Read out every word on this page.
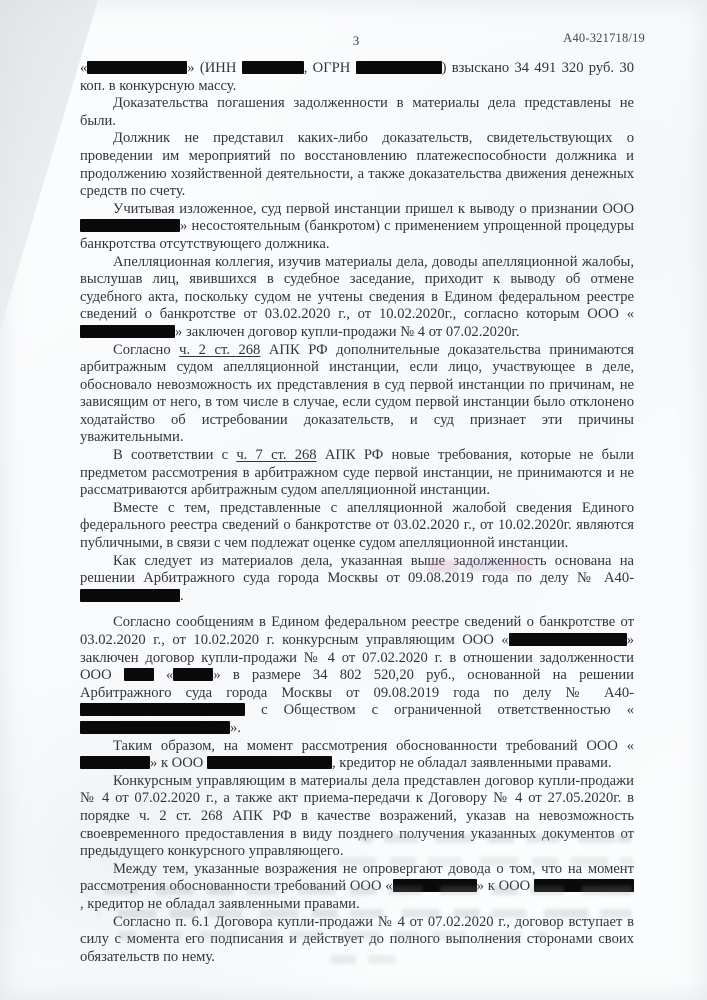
3	А40-321718/19

«	» (ИНН	, ОГРН	) взыскано 34 491 320 руб. 30 коп. в конкурсную массу.

Доказательства погашения задолженности в материалы дела представлены не были.

Должник не представил каких-либо доказательств, свидетельствующих о проведении им мероприятий по восстановлению платежеспособности должника и продолжению хозяйственной деятельности, а также доказательства движения денежных средств по счету.

Учитывая изложенное, суд первой инстанции пришел к выводу о признании ООО » несостоятельным (банкротом) с применением упрощенной процедуры банкротства отсутствующего должника.

Апелляционная коллегия, изучив материалы дела, доводы апелляционной жалобы, выслушав лиц, явившихся в судебное заседание, приходит к выводу об отмене судебного акта, поскольку судом не учтены сведения в Едином федеральном реестре сведений о банкротстве от 03.02.2020 г., от 10.02.2020г., согласно которым ООО «» заключен договор купли-продажи № 4 от 07.02.2020г.

Согласно ч. 2 ст. 268 АПК РФ дополнительные доказательства принимаются арбитражным судом апелляционной инстанции, если лицо, участвующее в деле, обосновало невозможность их представления в суд первой инстанции по причинам, не зависящим от него, в том числе в случае, если судом первой инстанции было отклонено ходатайство об истребовании доказательств, и суд признает эти причины уважительными.

В соответствии с ч. 7 ст. 268 АПК РФ новые требования, которые не были предметом рассмотрения в арбитражном суде первой инстанции, не принимаются и не рассматриваются арбитражным судом апелляционной инстанции.

Вместе с тем, представленные с апелляционной жалобой сведения Единого федерального реестра сведений о банкротстве от 03.02.2020 г., от 10.02.2020г. являются публичными, в связи с чем подлежат оценке судом апелляционной инстанции.

Как следует из материалов дела, указанная выше задолженность основана на решении Арбитражного суда города Москвы от 09.08.2019 года по делу № А40-.

Согласно сообщениям в Едином федеральном реестре сведений о банкротстве от 03.02.2020 г., от 10.02.2020 г. конкурсным управляющим ООО «	» заключен договор купли-продажи № 4 от 07.02.2020 г. в отношении задолженности ООО  «	» в размере 34 802 520,20 руб., основанной на решении Арбитражного суда города Москвы от 09.08.2019 года по делу № А40- с Обществом с ограниченной ответственностью «».

Таким образом, на момент рассмотрения обоснованности требований ООО «» к ООО	, кредитор не обладал заявленными правами.

Конкурсным управляющим в материалы дела представлен договор купли-продажи № 4 от 07.02.2020 г., а также акт приема-передачи к Договору № 4 от 27.05.2020г. в порядке ч. 2 ст. 268 АПК РФ в качестве возражений, указав на невозможность своевременного предоставления в виду позднего получения указанных документов от предыдущего конкурсного управляющего.

Между тем, указанные возражения не опровергают довода о том, что на момент рассмотрения обоснованности требований ООО «	» к ООО , кредитор не обладал заявленными правами.

Согласно п. 6.1 Договора купли-продажи № 4 от 07.02.2020 г., договор вступает в силу с момента его подписания и действует до полного выполнения сторонами своих обязательств по нему.
